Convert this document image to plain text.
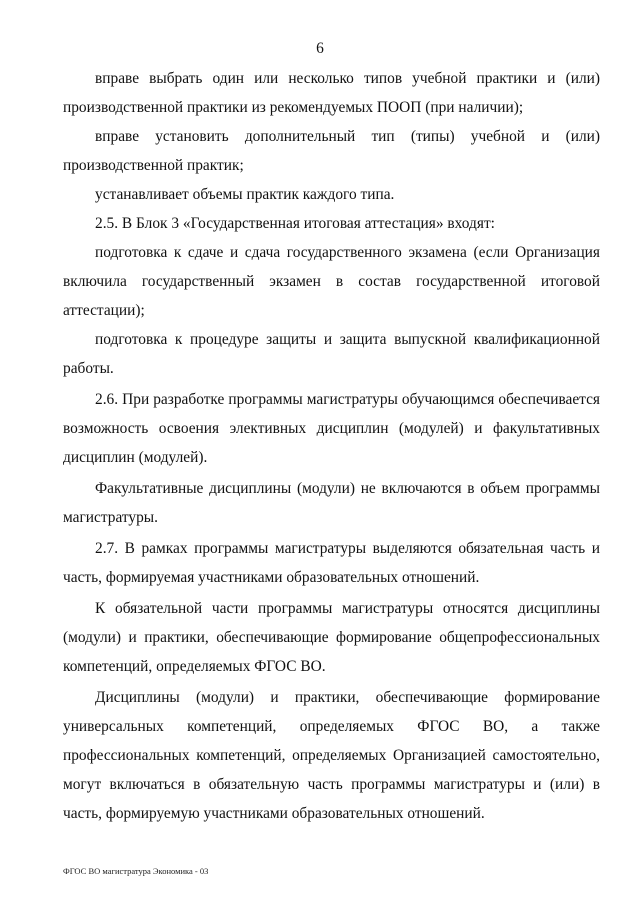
6

вправе выбрать один или несколько типов учебной практики и (или) производственной практики из рекомендуемых ПООП (при наличии);

вправе установить дополнительный тип (типы) учебной и (или) производственной практик;

устанавливает объемы практик каждого типа.

2.5. В Блок 3 «Государственная итоговая аттестация» входят:

подготовка к сдаче и сдача государственного экзамена (если Организация включила государственный экзамен в состав государственной итоговой аттестации);

подготовка к процедуре защиты и защита выпускной квалификационной работы.

2.6. При разработке программы магистратуры обучающимся обеспечивается возможность освоения элективных дисциплин (модулей) и факультативных дисциплин (модулей).

Факультативные дисциплины (модули) не включаются в объем программы магистратуры.

2.7. В рамках программы магистратуры выделяются обязательная часть и часть, формируемая участниками образовательных отношений.

К обязательной части программы магистратуры относятся дисциплины (модули) и практики, обеспечивающие формирование общепрофессиональных компетенций, определяемых ФГОС ВО.

Дисциплины (модули) и практики, обеспечивающие формирование универсальных компетенций, определяемых ФГОС ВО, а также профессиональных компетенций, определяемых Организацией самостоятельно, могут включаться в обязательную часть программы магистратуры и (или) в часть, формируемую участниками образовательных отношений.

ФГОС ВО магистратура Экономика - 03
